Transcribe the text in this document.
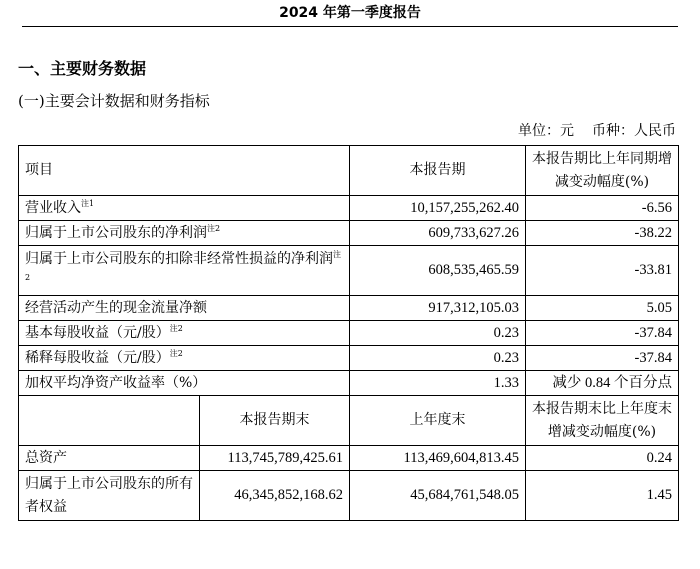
2024 年第一季度报告
一、主要财务数据
(一)主要会计数据和财务指标
单位：元 币种：人民币
项目		本报告期	本报告期比上年同期增减变动幅度(%)
营业收入$^{注1}$		10,157,255,262.40	-6.56
归属于上市公司股东的净利润$^{注2}$		609,733,627.26	-38.22
归属于上市公司股东的扣除非经常性损益的净利润$^{注2}$		608,535,465.59	-33.81
经营活动产生的现金流量净额		917,312,105.03	5.05
基本每股收益（元/股）$^{注2}$		0.23	-37.84
稀释每股收益（元/股）$^{注2}$		0.23	-37.84
加权平均净资产收益率（%）		1.33	减少 0.84 个百分点
	本报告期末	上年度末	本报告期末比上年度末增减变动幅度(%)
总资产	113,745,789,425.61	113,469,604,813.45	0.24
归属于上市公司股东的所有者权益	46,345,852,168.62	45,684,761,548.05	1.45
